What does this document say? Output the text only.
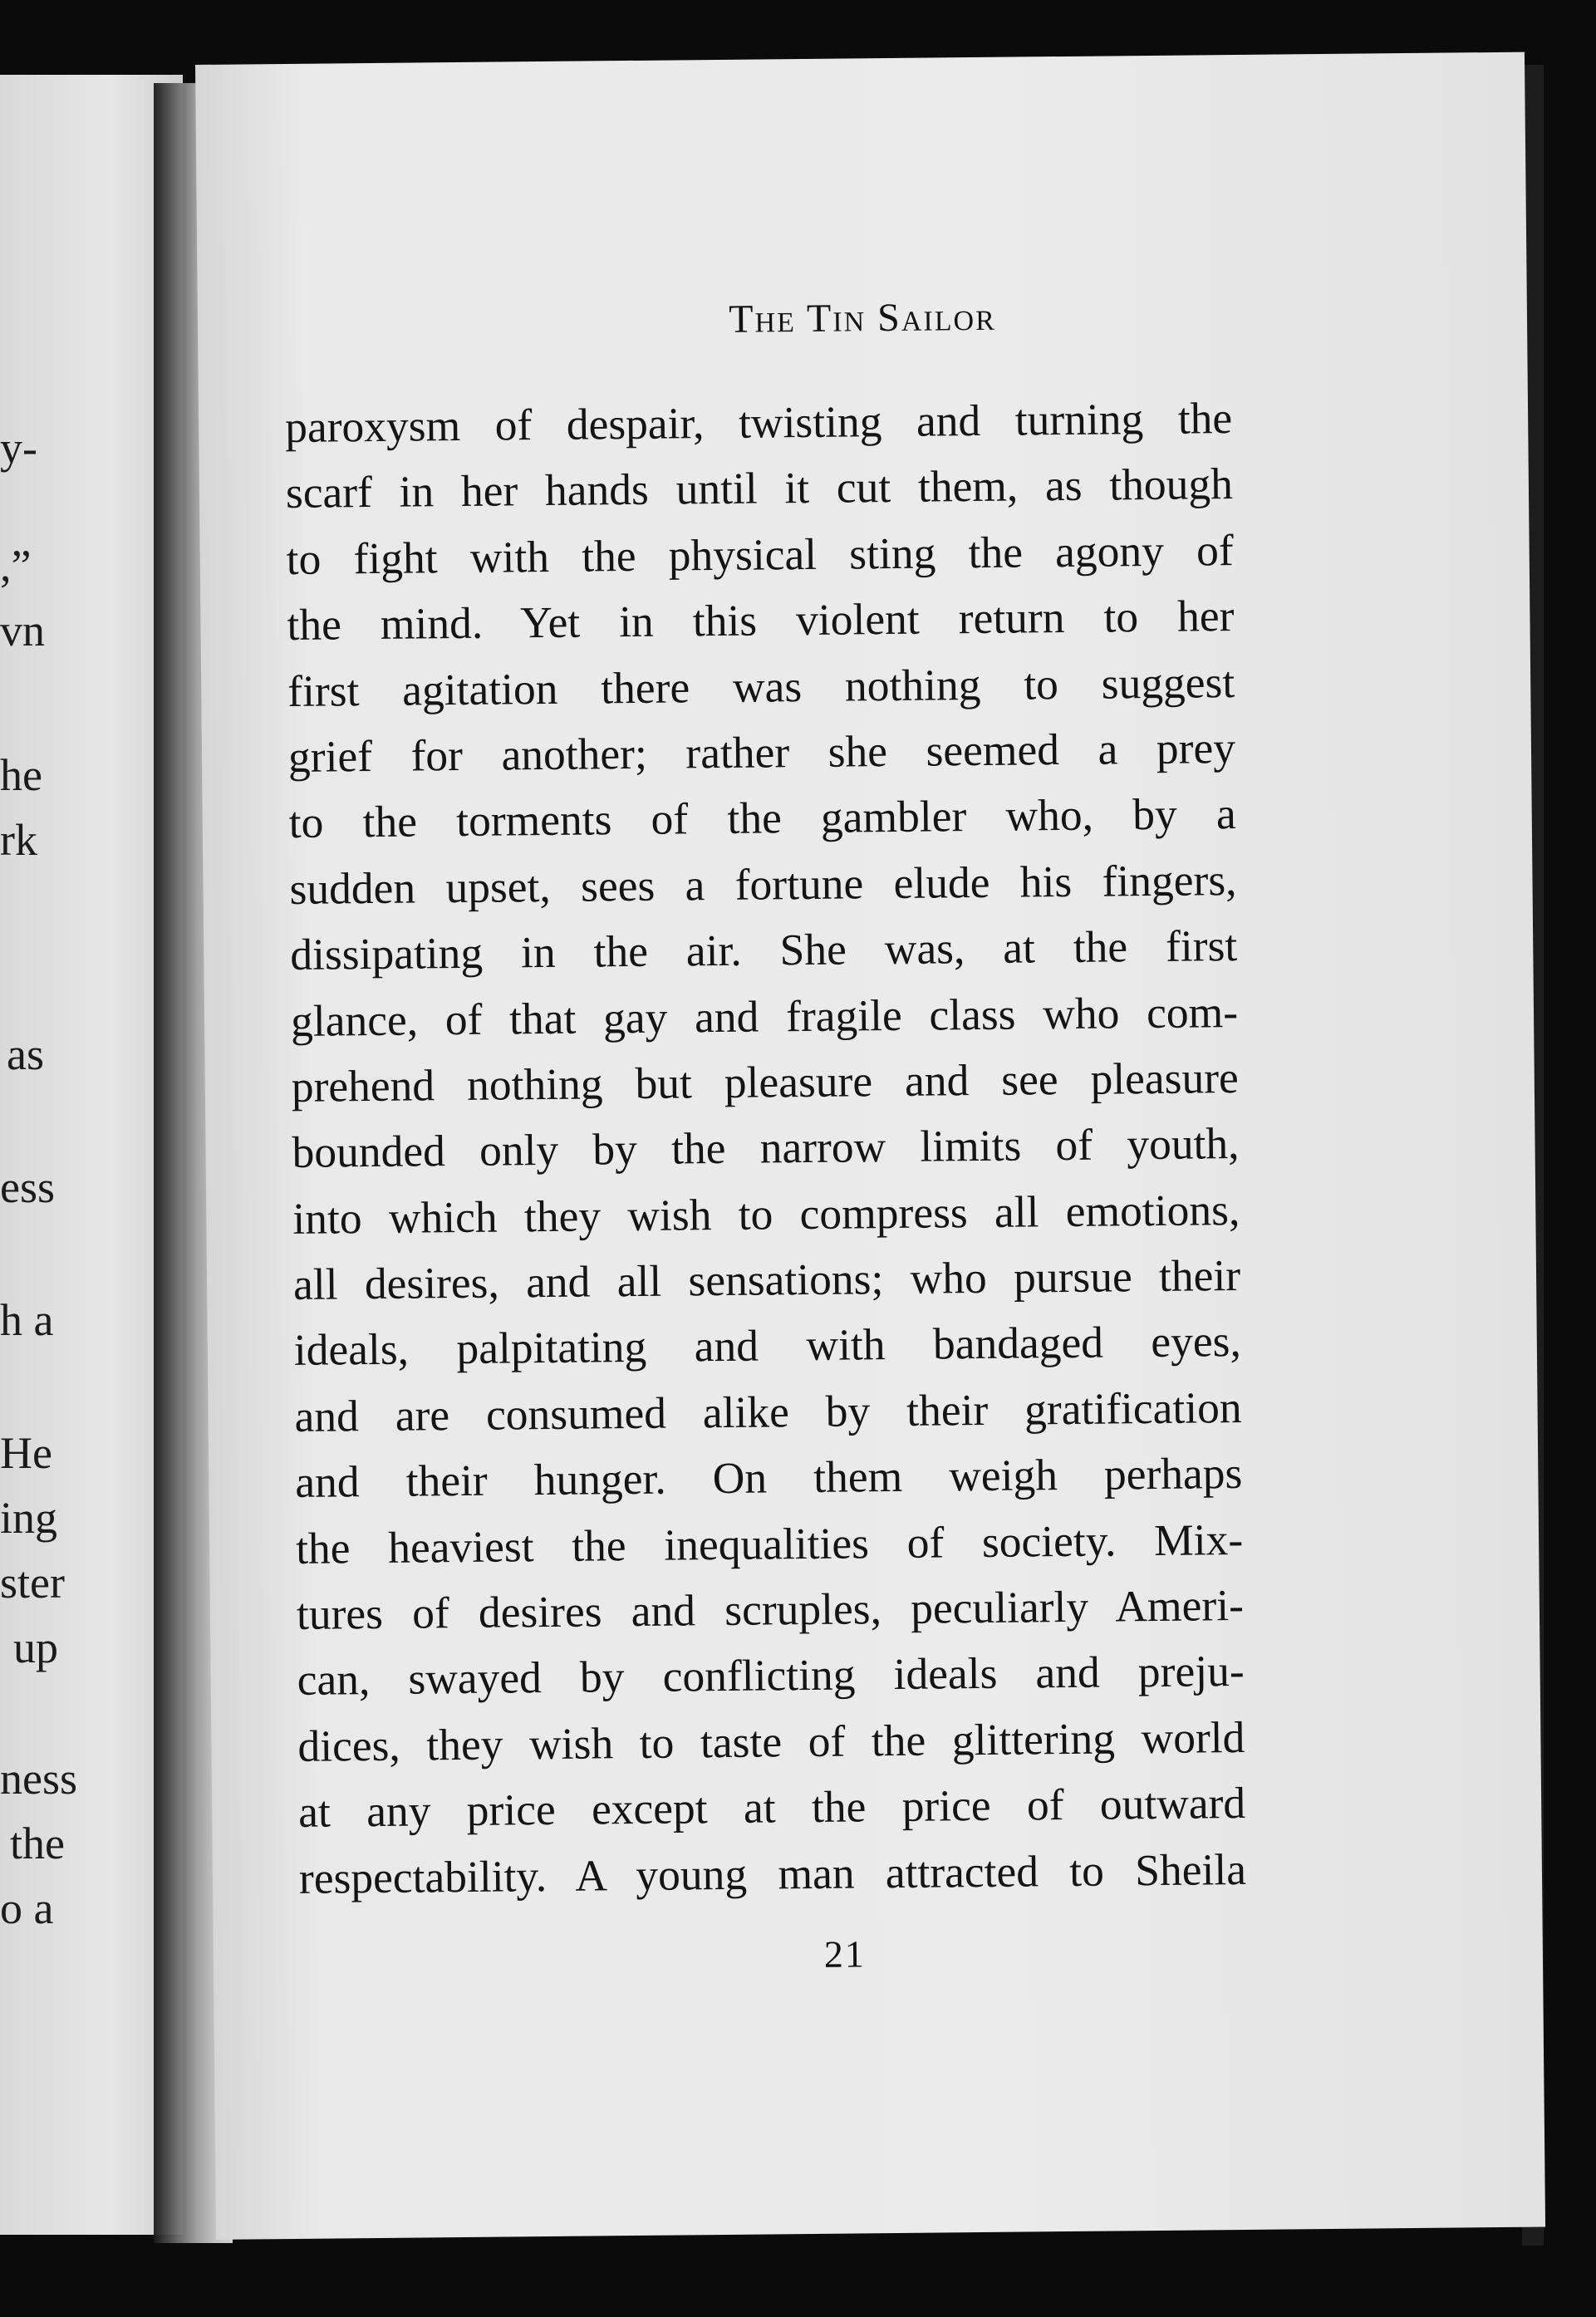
y-
,”
vn
he
rk
as
ess
h a
He
ing
ster
up
ness
the
o a
The Tin Sailor
paroxysm of despair, twisting and turning the
scarf in her hands until it cut them, as though
to fight with the physical sting the agony of
the mind. Yet in this violent return to her
first agitation there was nothing to suggest
grief for another; rather she seemed a prey
to the torments of the gambler who, by a
sudden upset, sees a fortune elude his fingers,
dissipating in the air. She was, at the first
glance, of that gay and fragile class who com-
prehend nothing but pleasure and see pleasure
bounded only by the narrow limits of youth,
into which they wish to compress all emotions,
all desires, and all sensations; who pursue their
ideals, palpitating and with bandaged eyes,
and are consumed alike by their gratification
and their hunger. On them weigh perhaps
the heaviest the inequalities of society. Mix-
tures of desires and scruples, peculiarly Ameri-
can, swayed by conflicting ideals and preju-
dices, they wish to taste of the glittering world
at any price except at the price of outward
respectability. A young man attracted to Sheila
21
